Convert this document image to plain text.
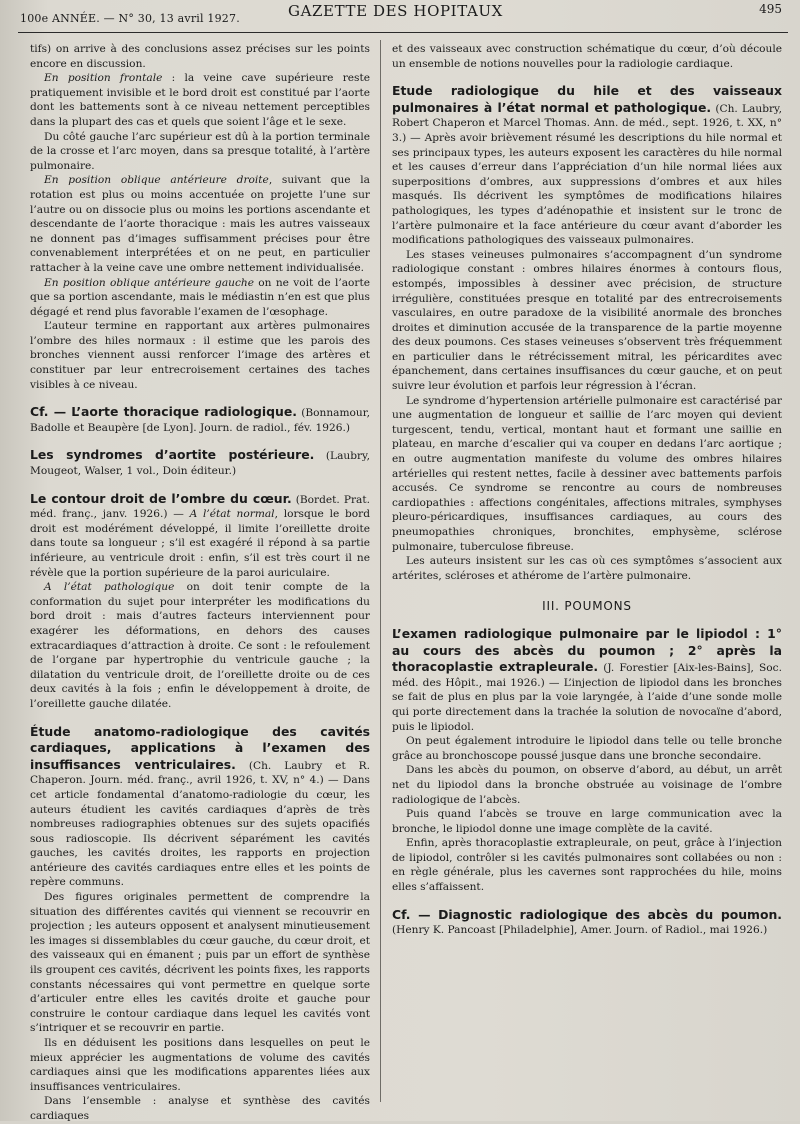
100e ANNÉE. — N° 30, 13 avril 1927.	GAZETTE DES HOPITAUX	495

tifs) on arrive à des conclusions assez précises sur les points encore en discussion.

En position frontale : la veine cave supérieure reste pratiquement invisible et le bord droit est constitué par l’aorte dont les battements sont à ce niveau nettement perceptibles dans la plupart des cas et quels que soient l’âge et le sexe.

Du côté gauche l’arc supérieur est dû à la portion terminale de la crosse et l’arc moyen, dans sa presque totalité, à l’artère pulmonaire.

En position oblique antérieure droite, suivant que la rotation est plus ou moins accentuée on projette l’une sur l’autre ou on dissocie plus ou moins les portions ascendante et descendante de l’aorte thoracique : mais les autres vaisseaux ne donnent pas d’images suffisamment précises pour être convenablement interprétées et on ne peut, en particulier rattacher à la veine cave une ombre nettement individualisée.

En position oblique antérieure gauche on ne voit de l’aorte que sa portion ascendante, mais le médiastin n’en est que plus dégagé et rend plus favorable l’examen de l’œsophage.

L’auteur termine en rapportant aux artères pulmonaires l’ombre des hiles normaux : il estime que les parois des bronches viennent aussi renforcer l’image des artères et constituer par leur entrecroisement certaines des taches visibles à ce niveau.

Cf. — L’aorte thoracique radiologique. (Bonnamour, Badolle et Beaupère [de Lyon]. Journ. de radiol., fév. 1926.)

Les syndromes d’aortite postérieure. (Laubry, Mougeot, Walser, 1 vol., Doin éditeur.)

Le contour droit de l’ombre du cœur. (Bordet. Prat. méd. franç., janv. 1926.) — A l’état normal, lorsque le bord droit est modérément développé, il limite l’oreillette droite dans toute sa longueur ; s’il est exagéré il répond à sa partie inférieure, au ventricule droit : enfin, s’il est très court il ne révèle que la portion supérieure de la paroi auriculaire.

A l’état pathologique on doit tenir compte de la conformation du sujet pour interpréter les modifications du bord droit : mais d’autres facteurs interviennent pour exagérer les déformations, en dehors des causes extracardiaques d’attraction à droite. Ce sont : le refoulement de l’organe par hypertrophie du ventricule gauche ; la dilatation du ventricule droit, de l’oreillette droite ou de ces deux cavités à la fois ; enfin le développement à droite, de l’oreillette gauche dilatée.

Étude anatomo-radiologique des cavités cardiaques, applications à l’examen des insuffisances ventriculaires. (Ch. Laubry et R. Chaperon. Journ. méd. franç., avril 1926, t. XV, n° 4.) — Dans cet article fondamental d’anatomo-radiologie du cœur, les auteurs étudient les cavités cardiaques d’après de très nombreuses radiographies obtenues sur des sujets opacifiés sous radioscopie. Ils décrivent séparément les cavités gauches, les cavités droites, les rapports en projection antérieure des cavités cardiaques entre elles et les points de repère communs.

Des figures originales permettent de comprendre la situation des différentes cavités qui viennent se recouvrir en projection ; les auteurs opposent et analysent minutieusement les images si dissemblables du cœur gauche, du cœur droit, et des vaisseaux qui en émanent ; puis par un effort de synthèse ils groupent ces cavités, décrivent les points fixes, les rapports constants nécessaires qui vont permettre en quelque sorte d’articuler entre elles les cavités droite et gauche pour construire le contour cardiaque dans lequel les cavités vont s’intriquer et se recouvrir en partie.

Ils en déduisent les positions dans lesquelles on peut le mieux apprécier les augmentations de volume des cavités cardiaques ainsi que les modifications apparentes liées aux insuffisances ventriculaires.

Dans l’ensemble : analyse et synthèse des cavités cardiaques

et des vaisseaux avec construction schématique du cœur, d’où découle un ensemble de notions nouvelles pour la radiologie cardiaque.

Etude radiologique du hile et des vaisseaux pulmonaires à l’état normal et pathologique. (Ch. Laubry, Robert Chaperon et Marcel Thomas. Ann. de méd., sept. 1926, t. XX, n° 3.) — Après avoir brièvement résumé les descriptions du hile normal et ses principaux types, les auteurs exposent les caractères du hile normal et les causes d’erreur dans l’appréciation d’un hile normal liées aux superpositions d’ombres, aux suppressions d’ombres et aux hiles masqués. Ils décrivent les symptômes de modifications hilaires pathologiques, les types d’adénopathie et insistent sur le tronc de l’artère pulmonaire et la face antérieure du cœur avant d’aborder les modifications pathologiques des vaisseaux pulmonaires.

Les stases veineuses pulmonaires s’accompagnent d’un syndrome radiologique constant : ombres hilaires énormes à contours flous, estompés, impossibles à dessiner avec précision, de structure irrégulière, constituées presque en totalité par des entrecroisements vasculaires, en outre paradoxe de la visibilité anormale des bronches droites et diminution accusée de la transparence de la partie moyenne des deux poumons. Ces stases veineuses s’observent très fréquemment en particulier dans le rétrécissement mitral, les péricardites avec épanchement, dans certaines insuffisances du cœur gauche, et on peut suivre leur évolution et parfois leur régression à l’écran.

Le syndrome d’hypertension artérielle pulmonaire est caractérisé par une augmentation de longueur et saillie de l’arc moyen qui devient turgescent, tendu, vertical, montant haut et formant une saillie en plateau, en marche d’escalier qui va couper en dedans l’arc aortique ; en outre augmentation manifeste du volume des ombres hilaires artérielles qui restent nettes, facile à dessiner avec battements parfois accusés. Ce syndrome se rencontre au cours de nombreuses cardiopathies : affections congénitales, affections mitrales, symphyses pleuro-péricardiques, insuffisances cardiaques, au cours des pneumopathies chroniques, bronchites, emphysème, sclérose pulmonaire, tuberculose fibreuse.

Les auteurs insistent sur les cas où ces symptômes s’associent aux artérites, scléroses et athérome de l’artère pulmonaire.

III. POUMONS

L’examen radiologique pulmonaire par le lipiodol : 1° au cours des abcès du poumon ; 2° après la thoracoplastie extrapleurale. (J. Forestier [Aix-les-Bains], Soc. méd. des Hôpit., mai 1926.) — L’injection de lipiodol dans les bronches se fait de plus en plus par la voie laryngée, à l’aide d’une sonde molle qui porte directement dans la trachée la solution de novocaïne d’abord, puis le lipiodol.

On peut également introduire le lipiodol dans telle ou telle bronche grâce au bronchoscope poussé jusque dans une bronche secondaire.

Dans les abcès du poumon, on observe d’abord, au début, un arrêt net du lipiodol dans la bronche obstruée au voisinage de l’ombre radiologique de l’abcès.

Puis quand l’abcès se trouve en large communication avec la bronche, le lipiodol donne une image complète de la cavité.

Enfin, après thoracoplastie extrapleurale, on peut, grâce à l’injection de lipiodol, contrôler si les cavités pulmonaires sont collabées ou non : en règle générale, plus les cavernes sont rapprochées du hile, moins elles s’affaissent.

Cf. — Diagnostic radiologique des abcès du poumon. (Henry K. Pancoast [Philadelphie], Amer. Journ. of Radiol., mai 1926.)
